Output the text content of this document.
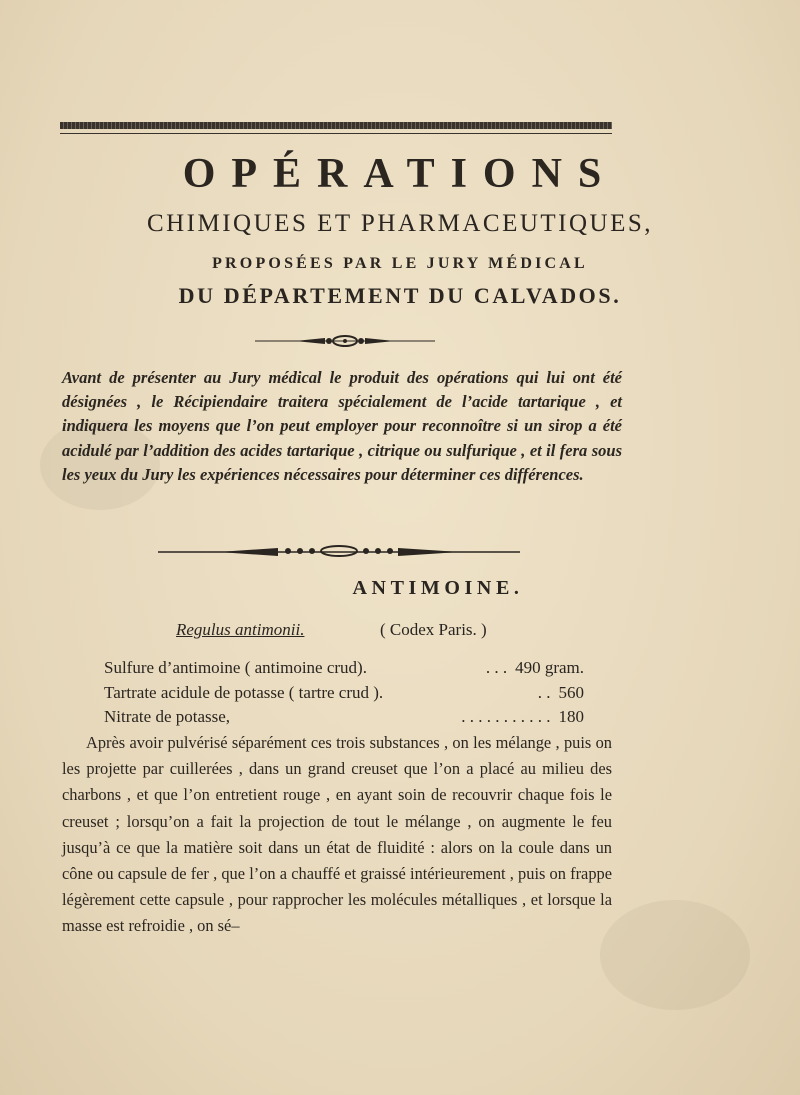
OPÉRATIONS
CHIMIQUES ET PHARMACEUTIQUES,
PROPOSÉES PAR LE JURY MÉDICAL
DU DÉPARTEMENT DU CALVADOS.
Avant de présenter au Jury médical le produit des opérations qui lui ont été désignées , le Récipiendaire traitera spécialement de l’acide tartarique , et indiquera les moyens que l’on peut employer pour reconnoître si un sirop a été acidulé par l’addition des acides tartarique , citrique ou sulfurique , et il fera sous les yeux du Jury les expériences nécessaires pour déterminer ces différences.
ANTIMOINE.
Regulus antimonii.	( Codex Paris. )
Sulfure d’antimoine ( antimoine crud).	. . . 490 gram.
Tartrate acidule de potasse ( tartre crud ).	. . 560
Nitrate de potasse,	. . . . . . . . . . . 180
Après avoir pulvérisé séparément ces trois substances , on les mélange , puis on les projette par cuillerées , dans un grand creuset que l’on a placé au milieu des charbons , et que l’on entretient rouge , en ayant soin de recouvrir chaque fois le creuset ; lorsqu’on a fait la projection de tout le mélange , on augmente le feu jusqu’à ce que la matière soit dans un état de fluidité : alors on la coule dans un cône ou capsule de fer , que l’on a chauffé et graissé intérieurement , puis on frappe légèrement cette capsule , pour rapprocher les molécules métalliques , et lorsque la masse est refroidie , on sé–
